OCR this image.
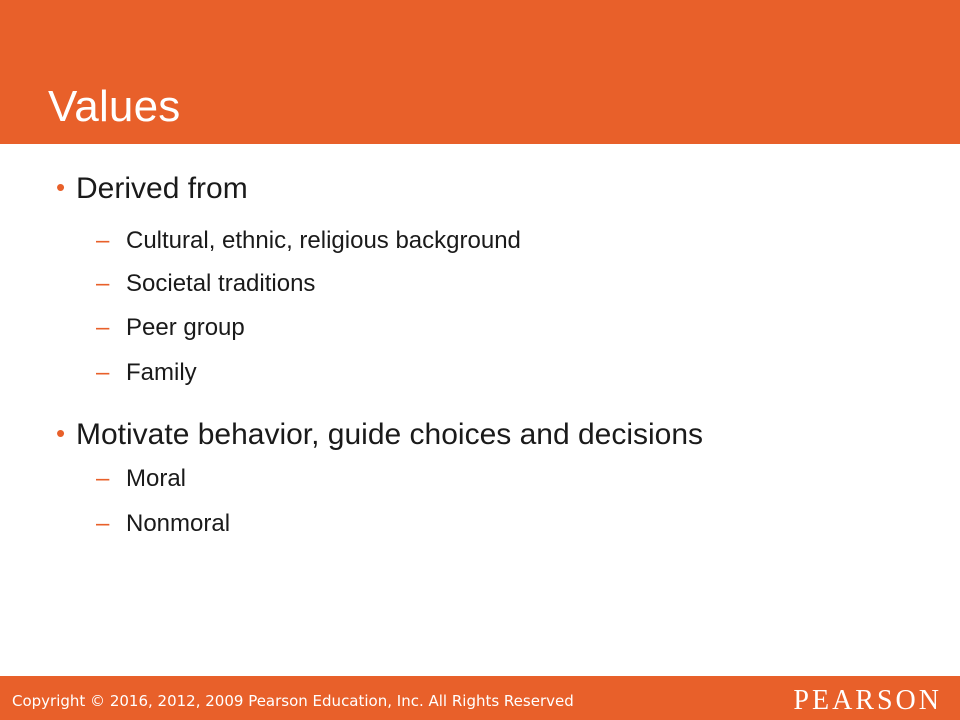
Values
• Derived from
– Cultural, ethnic, religious background
– Societal traditions
– Peer group
– Family
• Motivate behavior, guide choices and decisions
– Moral
– Nonmoral
Copyright © 2016, 2012, 2009 Pearson Education, Inc. All Rights Reserved	PEARSON
